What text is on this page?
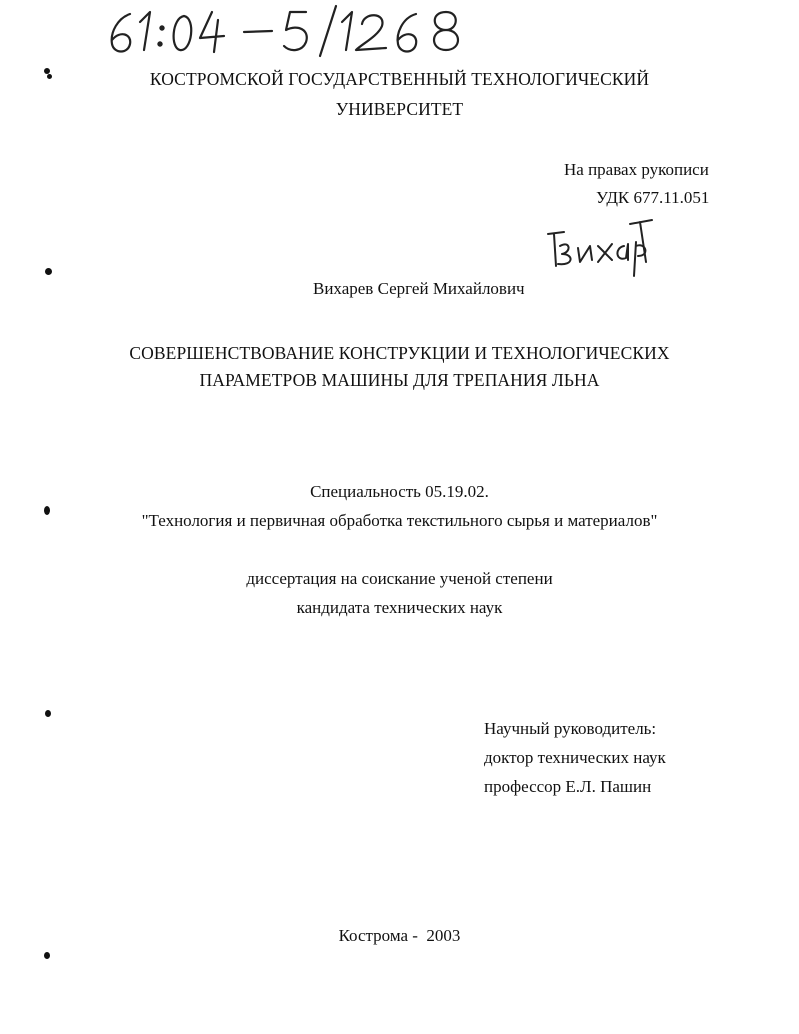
КОСТРОМСКОЙ ГОСУДАРСТВЕННЫЙ ТЕХНОЛОГИЧЕСКИЙ
УНИВЕРСИТЕТ
На правах рукописи
УДК 677.11.051
Вихарев Сергей Михайлович
СОВЕРШЕНСТВОВАНИЕ КОНСТРУКЦИИ И ТЕХНОЛОГИЧЕСКИХ
ПАРАМЕТРОВ МАШИНЫ ДЛЯ ТРЕПАНИЯ ЛЬНА
Специальность 05.19.02.
"Технология и первичная обработка текстильного сырья и материалов"
диссертация на соискание ученой степени
кандидата технических наук
Научный руководитель:
доктор технических наук
профессор Е.Л. Пашин
Кострома -  2003
